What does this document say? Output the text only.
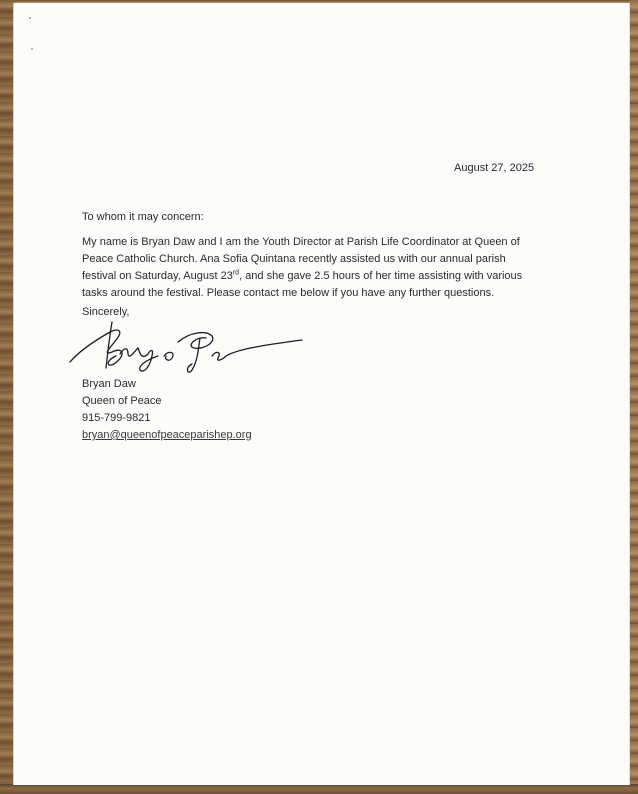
August 27, 2025
To whom it may concern:
My name is Bryan Daw and I am the Youth Director at Parish Life Coordinator at Queen of
Peace Catholic Church. Ana Sofia Quintana recently assisted us with our annual parish
festival on Saturday, August 23rd, and she gave 2.5 hours of her time assisting with various
tasks around the festival. Please contact me below if you have any further questions.
Sincerely,
Bryan Daw
Queen of Peace
915-799-9821
bryan@queenofpeaceparishep.org
